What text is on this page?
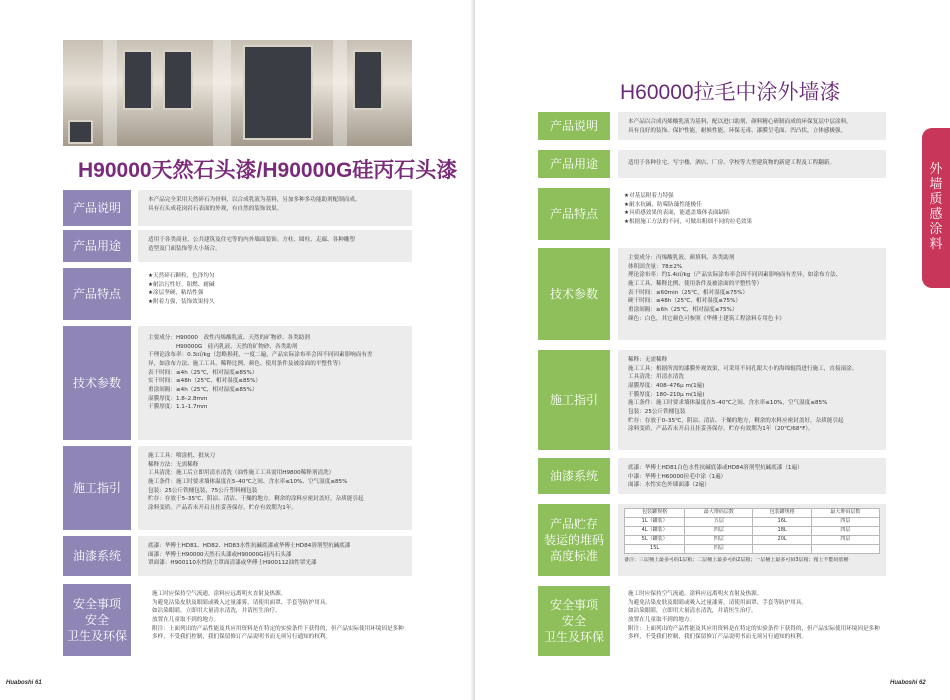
H90000天然石头漆/H90000G硅丙石头漆
产品说明

本产品完全采用天然碎石为骨料，以合成乳液为基料，另加多种多功能助剂配制而成。

具有石头成花岗岩石表面的外观，有自然的装饰效果。

产品用途	适用于各类商业、公共建筑及住宅等的内外墙面装饰。方柱、圆柱、走廊、各种雕塑

造型及门面装饰等大小场合。

产品特点

★天然碎石颗粒，色泽均匀

★耐沾污性好，阻燃、耐碱

★涂层坚硬，粘结性强

★附着力强，装饰效果持久

技术参数

主要成分：H90000　改性丙烯酸乳液、天然的矿物砂、各类助剂

　　　　　H90000G　硅丙乳液、天然的矿物砂、各类助剂

干理论涂布率：0.3㎡/kg（忽略损耗，一度二遍，产品实际涂布率会因不同因素影响而有差

异，如涂布方法、施工工具、稀释比例、颜色、使用条件及被涂面的平整性等）

表干时间：≤4h（25℃，相对湿度≤85%）

实干时间：≤48h（25℃，相对湿度≤85%）

重涂间隔：≥4h（25℃，相对湿度≤85%）

湿膜厚度：1.8–2.8mm

干膜厚度：1.1–1.7mm

施工指引

施工工具：喷涂机、批灰刀

稀释方法：无需稀释

工具清洗：施工后立即用清水清洗（油性施工工具需用H9800稀释剂清洗）

施工条件：施工时要求墙体温度在5–40℃之间、含水率≤10%、空气湿度≤85%

包装：25公斤铁桶包装，75公斤塑料桶包装

贮存：存放于5–35℃、阴凉、清洁、干燥的地方。剩余的涂料应密封盖好，杂质能引起

涂料变质。产品若未开启且挂妥善保存，贮存有效期为1年。

油漆系统

底漆：华傅士HD81、HD82、HD83水性抗碱底漆或华傅士HD84溶剂型抗碱底漆

面漆：华傅士H90000天然石头漆或H90000G硅丙石头漆

罩面漆：H900110水性防尘罩面清漆或华傅士H900112油性罩光漆

安全事项
安全
卫生及环保

施工时应保持空气流通，涂料应远离明火直射及热源。

为避免沾染皮肤及眼睛或吸入过量漆雾，请使用面罩、手套等防护用具。

如沾染眼睛，立即用大量清水清洗，并请医生治疗。

放置在儿童取不到的地方。

附注：上面列出的产品性能及其应用资料是在特定的实验条件下获得的，但产品实际使用环境因是多种

多样，不受我们控制，我们保留修订产品说明书而无须另行通知的权利。

Huaboshi 61
H60000拉毛中涂外墙漆
产品说明	本产品以合成丙烯酸乳液为基料，配以进口助剂、颜料精心研制而成的环保复层中层涂料，

具有良好的装饰、保护性能，耐候性能，环保无毒、漆膜呈毛面、凹凸状，立体感极强。

产品用途	适用于各种住宅、写字楼、酒店、厂房、学校等大型建筑物的新建工程及工程翻新。

产品特点

★对基层附着力特强

★耐水抗碱，防霉防藻性能极佳

★具质感效果的表面，能遮盖墙体表面缺陷

★根据施工方法的不同，可做出粗细不同的拉毛效果

技术参数

主要成分：丙烯酸乳液、颜填料、各类助剂

体积固含量：78±2%

理论涂布率：约1.4㎡/kg（产品实际涂布率会因不同因素影响而有差异，如涂布方法、

施工工具、稀释比例、使用条件及被涂面的平整性等）

表干时间：≤60min（25℃，相对湿度≤75%）

硬干时间：≤48h（25℃，相对湿度≤75%）

重涂间隔：≥6h（25℃，相对湿度≤75%）

颜色：白色，其它颜色可参照《华傅士建筑工程涂料专用色卡》

施工指引

稀释：无需稀释

施工工具：根据所需的漆膜外观效果，可采用不同孔眼大小的海绵辊筒进行施工，直接滚涂。

工具清洗：用清水清洗

湿膜厚度：408–476μ m(1遍)

干膜厚度：180–210μ m(1遍)

施工条件：施工时要求墙体温度在5–40℃之间、含水率≤10%，空气湿度≤85%

包装：25公斤铁桶包装

贮存：存放于0–35℃，阴凉、清洁、干燥的地方，剩余的水料应密封盖好，杂质能引起

涂料变质，产品若未开启且挂妥善保存，贮存有效期为1年（20℃/68°F）。

油漆系统

底漆：华傅士HD81白色水性抗碱底漆或HD84溶剂型抗碱底漆（1遍）

中漆：华傅士H60000拉毛中涂（1遍）

面漆：水性实色外墙面漆（2遍）

产品贮存
装运的堆码
高度标准
包装罐规格	最大堆码层数	包装罐规格	最大堆码层数
1L（罐装）	五层	16L	四层
4L（罐装）	四层	18L	四层
5L（罐装）	四层	20L	四层
15L	四层		

备注：三层桶上最多可码1层箱；二层桶上最多可码2层箱；一层桶上最多可码3层箱；箱上不能码放桶

安全事项
安全
卫生及环保

施工时应保持空气流通，涂料应远离明火直射及热源。

为避免沾染皮肤及眼睛或吸入过量漆雾，请使用面罩、手套等防护用具。

如沾染眼睛，立即用大量清水清洗，并请医生治疗。

放置在儿童取不到的地方。

附注：上面列出的产品性能及其应用资料是在特定的实验条件下获得的，但产品实际使用环境因是多种

多样，不受我们控制，我们保留修订产品说明书而无须另行通知的权利。

Huaboshi 62
外
墙
质
感
涂
料
